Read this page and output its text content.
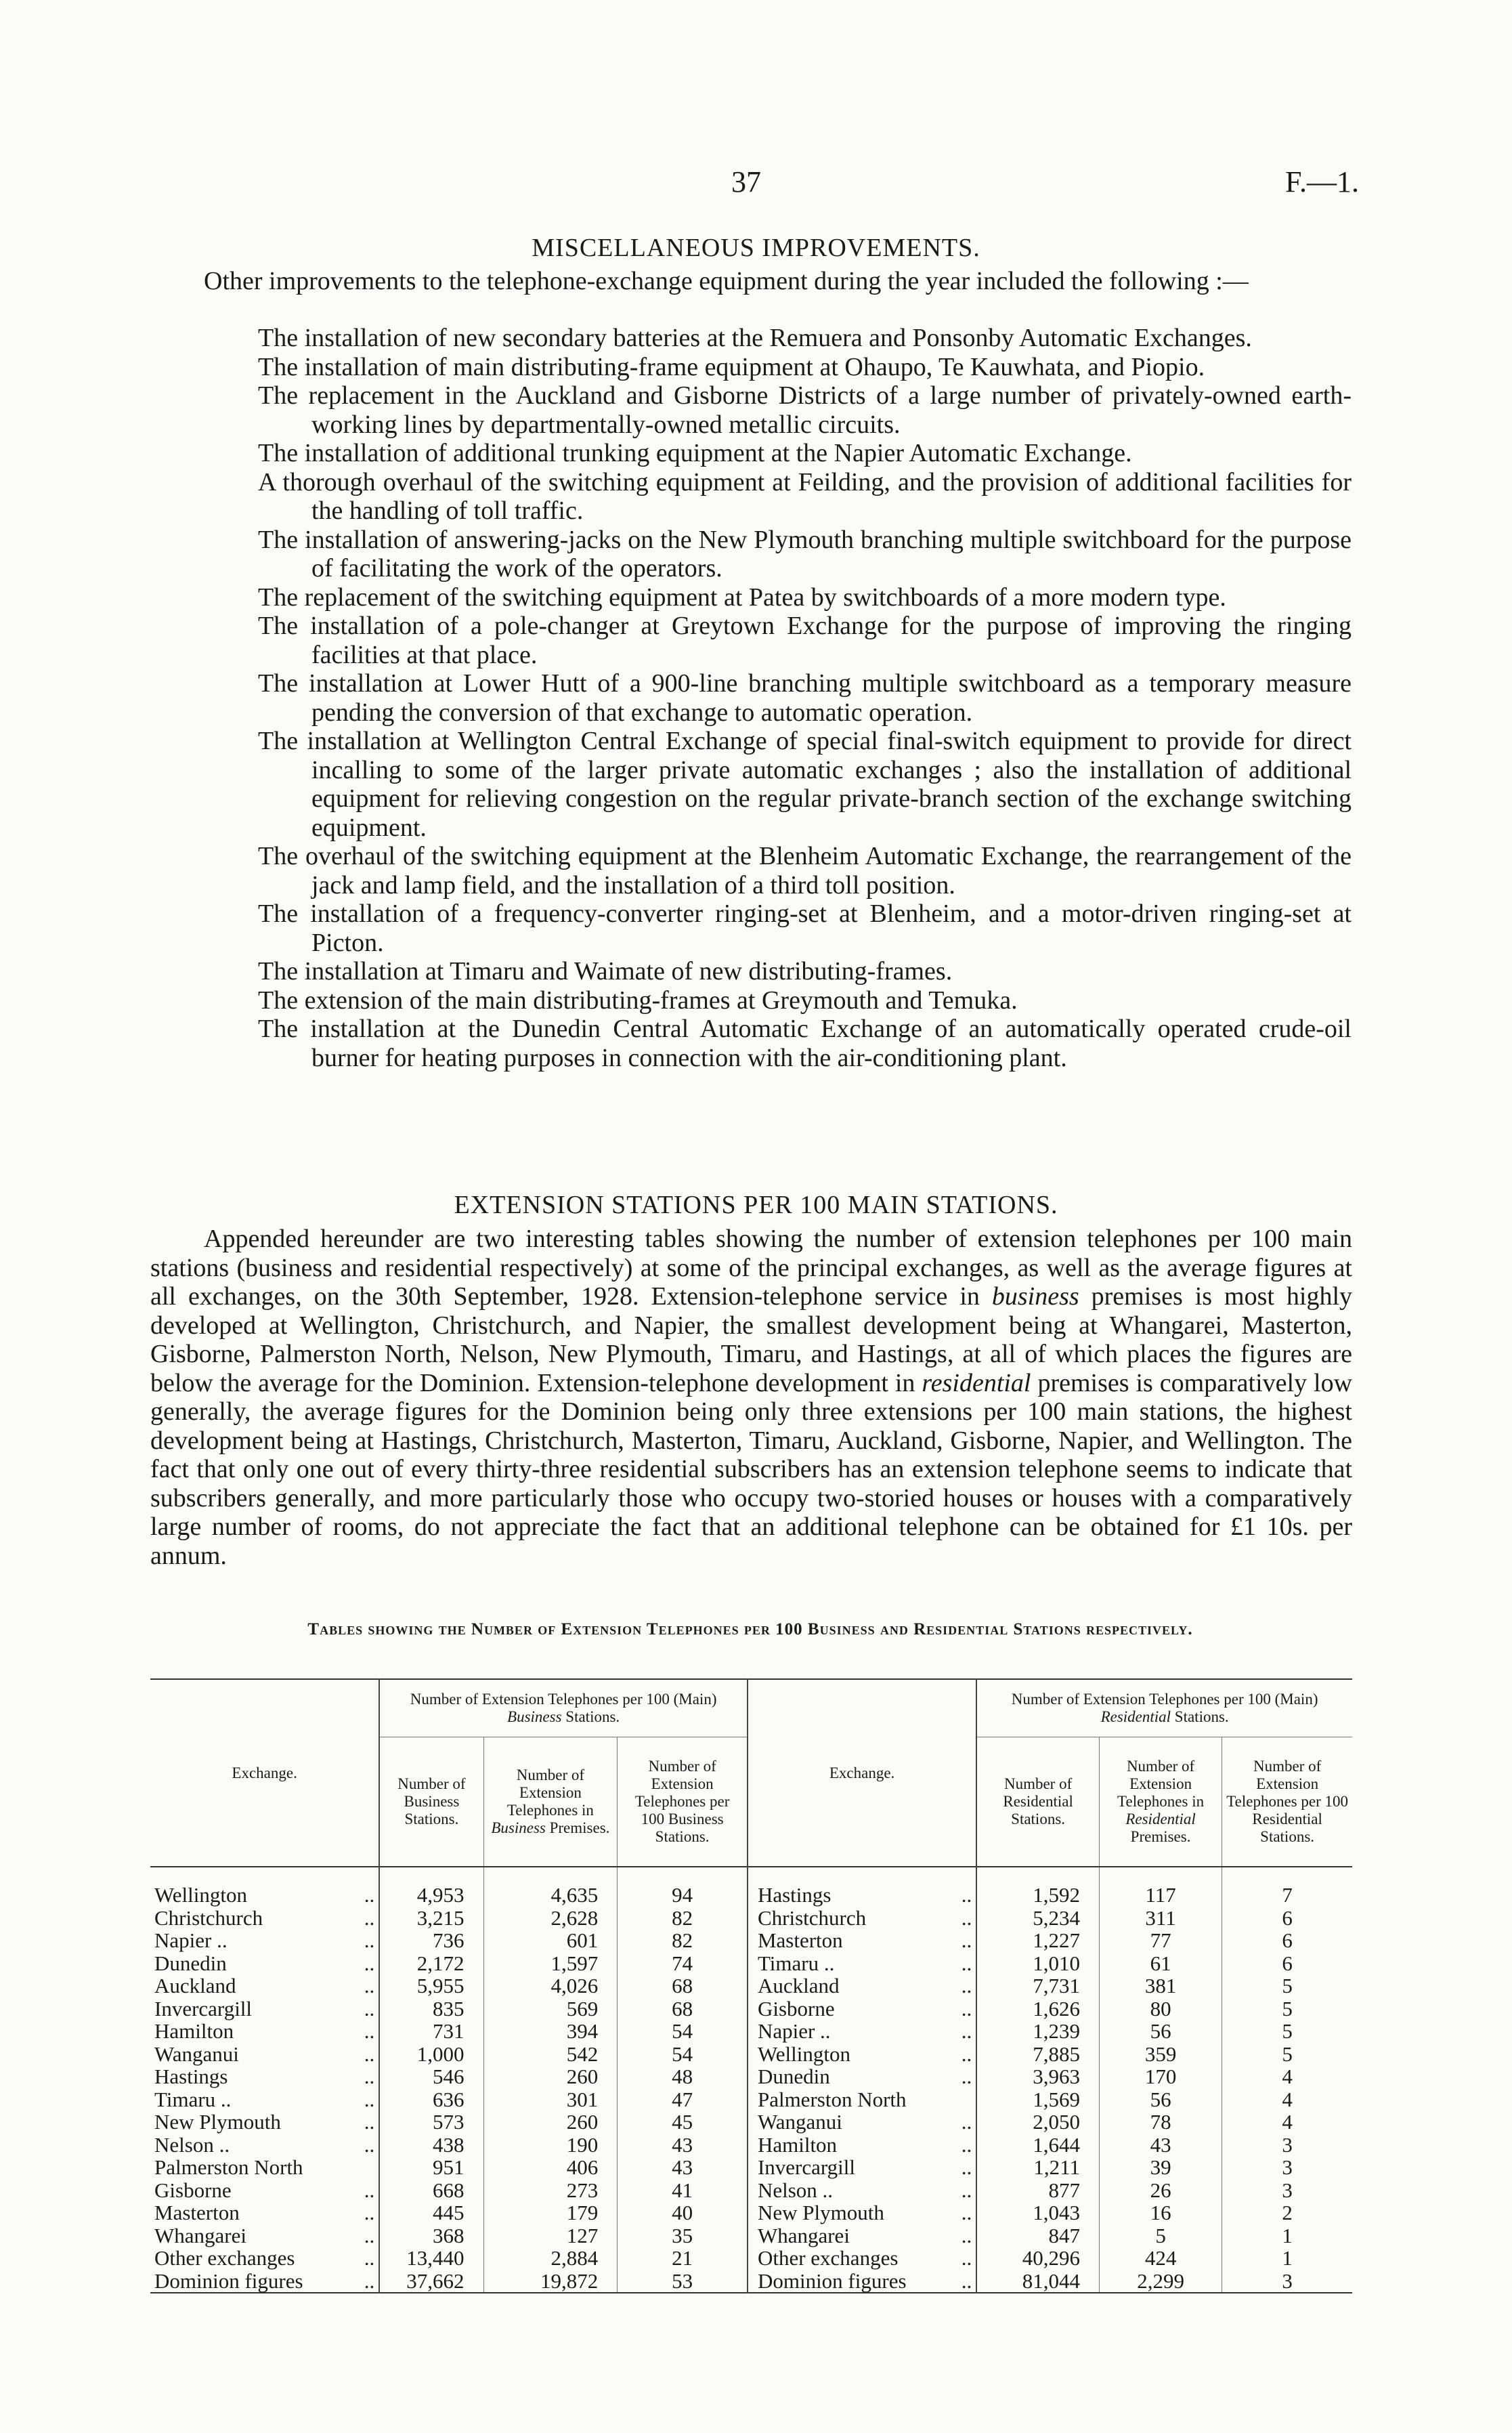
37	F.—1.
MISCELLANEOUS IMPROVEMENTS.

Other improvements to the telephone-exchange equipment during the year included the following :—

The installation of new secondary batteries at the Remuera and Ponsonby Automatic Exchanges.
The installation of main distributing-frame equipment at Ohaupo, Te Kauwhata, and Piopio.
The replacement in the Auckland and Gisborne Districts of a large number of privately-owned earth-working lines by departmentally-owned metallic circuits.
The installation of additional trunking equipment at the Napier Automatic Exchange.
A thorough overhaul of the switching equipment at Feilding, and the provision of additional facilities for the handling of toll traffic.
The installation of answering-jacks on the New Plymouth branching multiple switchboard for the purpose of facilitating the work of the operators.
The replacement of the switching equipment at Patea by switchboards of a more modern type.
The installation of a pole-changer at Greytown Exchange for the purpose of improving the ringing facilities at that place.
The installation at Lower Hutt of a 900-line branching multiple switchboard as a temporary measure pending the conversion of that exchange to automatic operation.
The installation at Wellington Central Exchange of special final-switch equipment to provide for direct incalling to some of the larger private automatic exchanges ; also the installation of additional equipment for relieving congestion on the regular private-branch section of the exchange switching equipment.
The overhaul of the switching equipment at the Blenheim Automatic Exchange, the rearrangement of the jack and lamp field, and the installation of a third toll position.
The installation of a frequency-converter ringing-set at Blenheim, and a motor-driven ringing-set at Picton.
The installation at Timaru and Waimate of new distributing-frames.
The extension of the main distributing-frames at Greymouth and Temuka.
The installation at the Dunedin Central Automatic Exchange of an automatically operated crude-oil burner for heating purposes in connection with the air-conditioning plant.
EXTENSION STATIONS PER 100 MAIN STATIONS.

Appended hereunder are two interesting tables showing the number of extension telephones per 100 main stations (business and residential respectively) at some of the principal exchanges, as well as the average figures at all exchanges, on the 30th September, 1928. Extension-telephone service in business premises is most highly developed at Wellington, Christchurch, and Napier, the smallest development being at Whangarei, Masterton, Gisborne, Palmerston North, Nelson, New Plymouth, Timaru, and Hastings, at all of which places the figures are below the average for the Dominion. Extension-telephone development in residential premises is comparatively low generally, the average figures for the Dominion being only three extensions per 100 main stations, the highest development being at Hastings, Christchurch, Masterton, Timaru, Auckland, Gisborne, Napier, and Wellington. The fact that only one out of every thirty-three residential subscribers has an extension telephone seems to indicate that subscribers generally, and more particularly those who occupy two-storied houses or houses with a comparatively large number of rooms, do not appreciate the fact that an additional telephone can be obtained for £1 10s. per annum.

Tables showing the Number of Extension Telephones per 100 Business and Residential Stations respectively.
Exchange.		Number of Extension Telephones per 100 (Main) Business Stations.			Exchange.		Number of Extension Telephones per 100 (Main) Residential Stations.		
		Number of Business Stations.	Number of Extension Telephones in Business Premises.	Number of Extension Telephones per 100 Business Stations.			Number of Residential Stations.	Number of Extension Telephones in Residential Premises.	Number of Extension Telephones per 100 Residential Stations.

Wellington	..	4,953	4,635	94	Hastings	..	1,592	117	7
Christchurch	..	3,215	2,628	82	Christchurch	..	5,234	311	6
Napier ..	..	736	601	82	Masterton	..	1,227	77	6
Dunedin	..	2,172	1,597	74	Timaru ..	..	1,010	61	6
Auckland	..	5,955	4,026	68	Auckland	..	7,731	381	5
Invercargill	..	835	569	68	Gisborne	..	1,626	80	5
Hamilton	..	731	394	54	Napier ..	..	1,239	56	5
Wanganui	..	1,000	542	54	Wellington	..	7,885	359	5
Hastings	..	546	260	48	Dunedin	..	3,963	170	4
Timaru ..	..	636	301	47	Palmerston North		1,569	56	4
New Plymouth	..	573	260	45	Wanganui	..	2,050	78	4
Nelson ..	..	438	190	43	Hamilton	..	1,644	43	3
Palmerston North		951	406	43	Invercargill	..	1,211	39	3
Gisborne	..	668	273	41	Nelson ..	..	877	26	3
Masterton	..	445	179	40	New Plymouth	..	1,043	16	2
Whangarei	..	368	127	35	Whangarei	..	847	5	1
Other exchanges	..	13,440	2,884	21	Other exchanges	..	40,296	424	1
Dominion figures	..	37,662	19,872	53	Dominion figures	..	81,044	2,299	3
